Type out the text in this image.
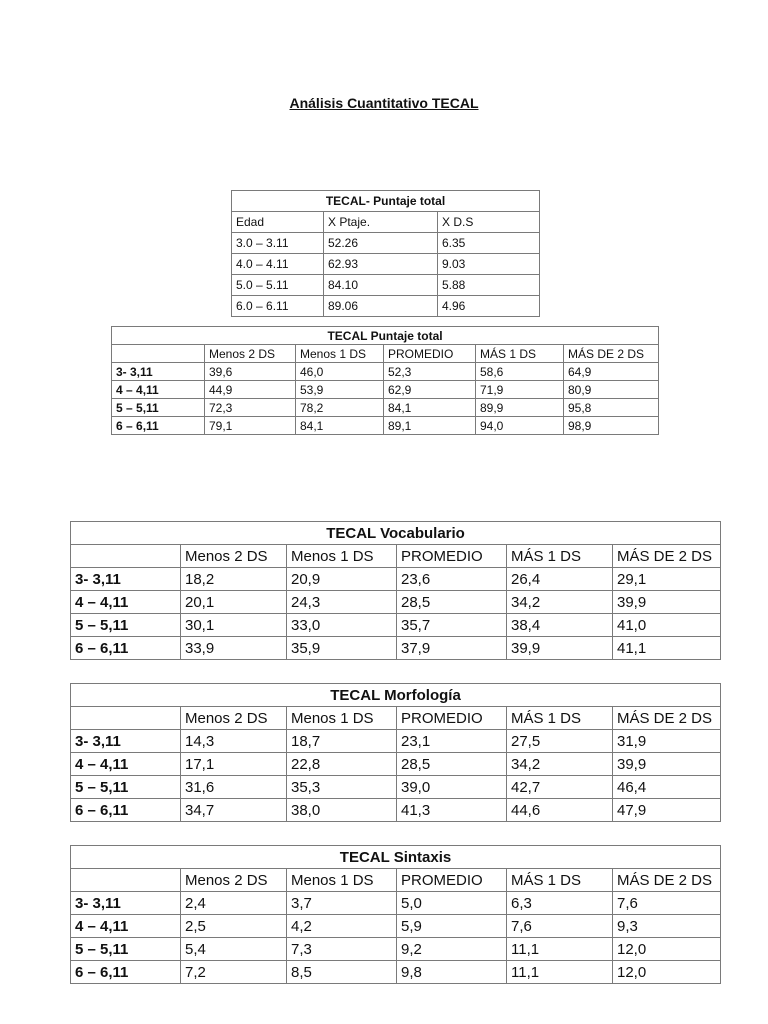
Análisis Cuantitativo TECAL
TECAL- Puntaje total		
Edad	X Ptaje.	X D.S
3.0 – 3.11	52.26	6.35
4.0 – 4.11	62.93	9.03
5.0 – 5.11	84.10	5.88
6.0 – 6.11	89.06	4.96
TECAL Puntaje total					
	Menos 2 DS	Menos 1 DS	PROMEDIO	MÁS 1 DS	MÁS DE 2 DS
3- 3,11	39,6	46,0	52,3	58,6	64,9
4 – 4,11	44,9	53,9	62,9	71,9	80,9
5 – 5,11	72,3	78,2	84,1	89,9	95,8
6 – 6,11	79,1	84,1	89,1	94,0	98,9
TECAL Vocabulario					
	Menos 2 DS	Menos 1 DS	PROMEDIO	MÁS 1 DS	MÁS DE 2 DS
3- 3,11	18,2	20,9	23,6	26,4	29,1
4 – 4,11	20,1	24,3	28,5	34,2	39,9
5 – 5,11	30,1	33,0	35,7	38,4	41,0
6 – 6,11	33,9	35,9	37,9	39,9	41,1
TECAL Morfología					
	Menos 2 DS	Menos 1 DS	PROMEDIO	MÁS 1 DS	MÁS DE 2 DS
3- 3,11	14,3	18,7	23,1	27,5	31,9
4 – 4,11	17,1	22,8	28,5	34,2	39,9
5 – 5,11	31,6	35,3	39,0	42,7	46,4
6 – 6,11	34,7	38,0	41,3	44,6	47,9
TECAL Sintaxis					
	Menos 2 DS	Menos 1 DS	PROMEDIO	MÁS 1 DS	MÁS DE 2 DS
3- 3,11	2,4	3,7	5,0	6,3	7,6
4 – 4,11	2,5	4,2	5,9	7,6	9,3
5 – 5,11	5,4	7,3	9,2	11,1	12,0
6 – 6,11	7,2	8,5	9,8	11,1	12,0
